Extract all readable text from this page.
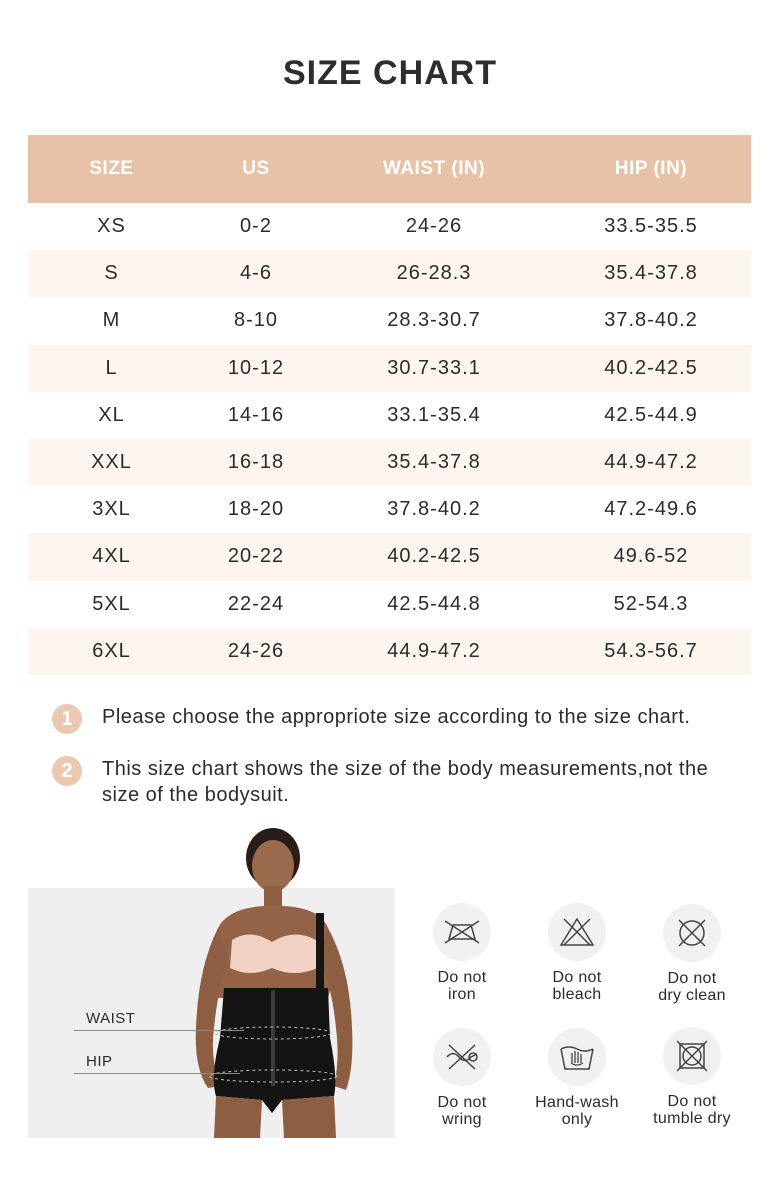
SIZE CHART
SIZE	US	WAIST (IN)	HIP (IN)
XS	0-2	24-26	33.5-35.5
S	4-6	26-28.3	35.4-37.8
M	8-10	28.3-30.7	37.8-40.2
L	10-12	30.7-33.1	40.2-42.5
XL	14-16	33.1-35.4	42.5-44.9
XXL	16-18	35.4-37.8	44.9-47.2
3XL	18-20	37.8-40.2	47.2-49.6
4XL	20-22	40.2-42.5	49.6-52
5XL	22-24	42.5-44.8	52-54.3
6XL	24-26	44.9-47.2	54.3-56.7
1	Please choose the appropriote size according to the size chart.
2	This size chart shows the size of the body measurements,not the size of the bodysuit.
WAIST
HIP
Do not
iron
Do not
bleach
Do not
dry clean
Do not
wring
Hand-wash
only
Do not
tumble dry
